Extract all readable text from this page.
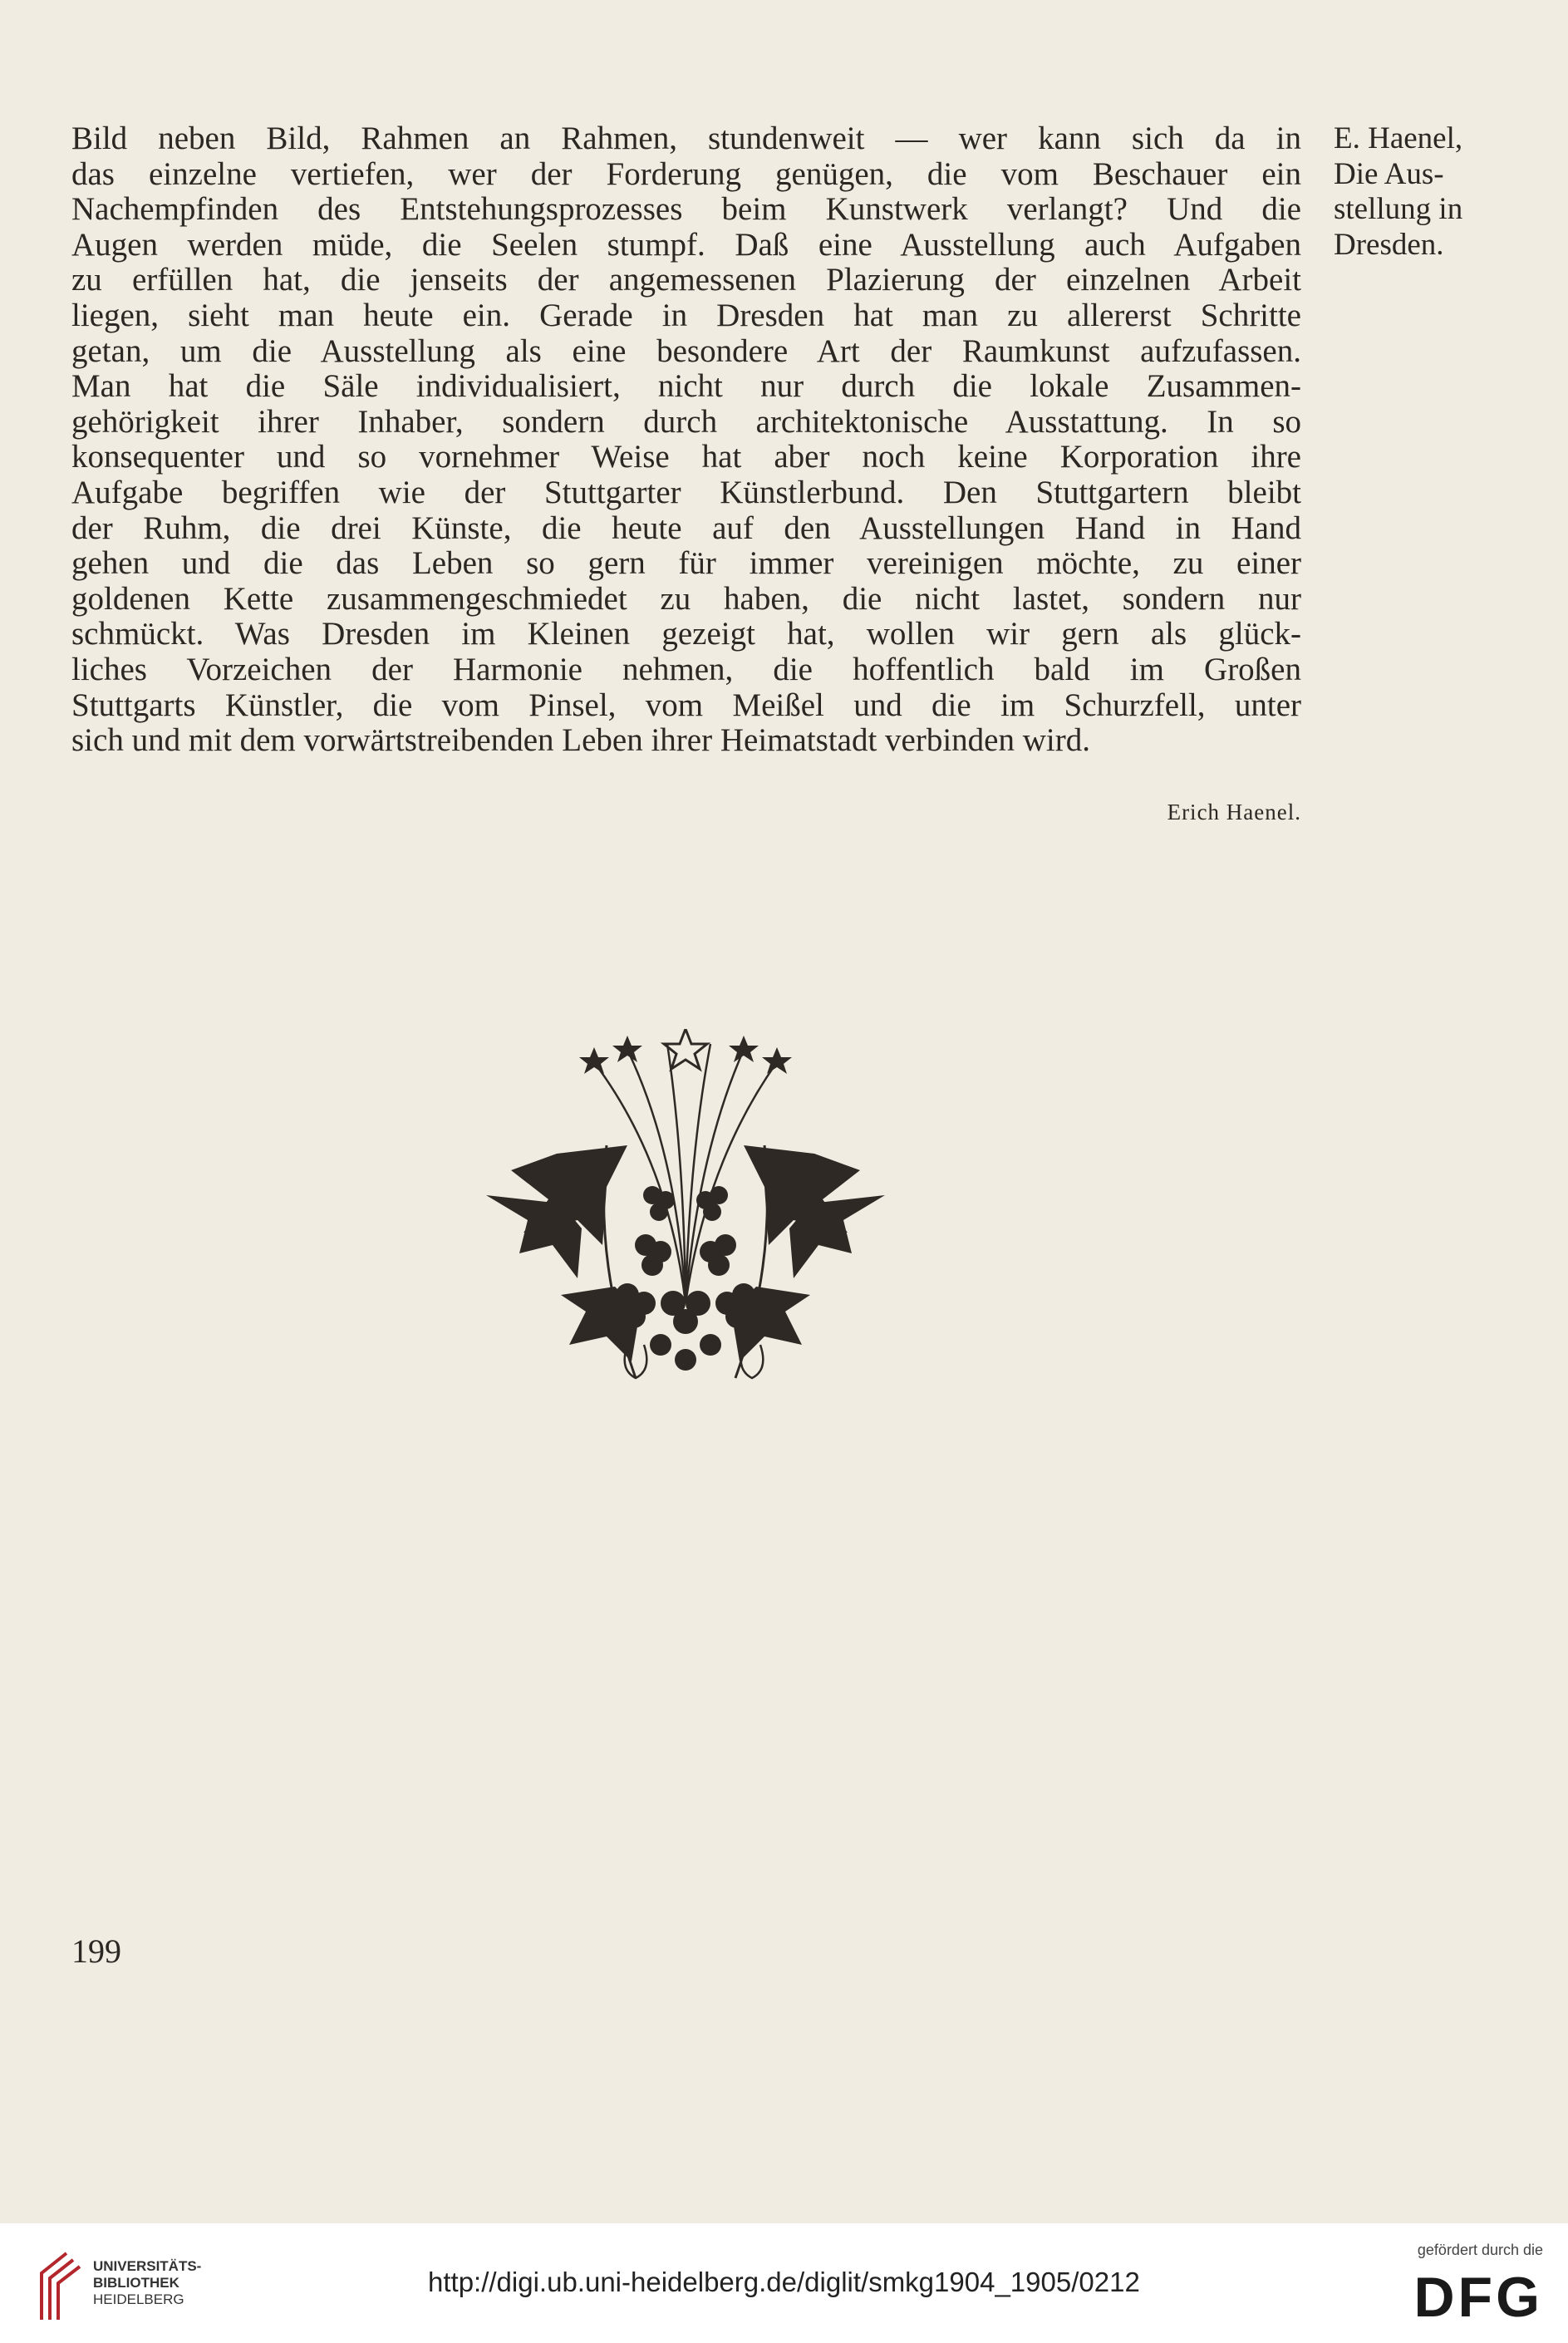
Bild neben Bild, Rahmen an Rahmen, stundenweit — wer kann sich da in
das einzelne vertiefen, wer der Forderung genügen, die vom Beschauer ein
Nachempfinden des Entstehungsprozesses beim Kunstwerk verlangt? Und die
Augen werden müde, die Seelen stumpf. Daß eine Ausstellung auch Aufgaben
zu erfüllen hat, die jenseits der angemessenen Plazierung der einzelnen Arbeit
liegen, sieht man heute ein. Gerade in Dresden hat man zu allererst Schritte
getan, um die Ausstellung als eine besondere Art der Raumkunst aufzufassen.
Man hat die Säle individualisiert, nicht nur durch die lokale Zusammen-
gehörigkeit ihrer Inhaber, sondern durch architektonische Ausstattung. In so
konsequenter und so vornehmer Weise hat aber noch keine Korporation ihre
Aufgabe begriffen wie der Stuttgarter Künstlerbund. Den Stuttgartern bleibt
der Ruhm, die drei Künste, die heute auf den Ausstellungen Hand in Hand
gehen und die das Leben so gern für immer vereinigen möchte, zu einer
goldenen Kette zusammengeschmiedet zu haben, die nicht lastet, sondern nur
schmückt. Was Dresden im Kleinen gezeigt hat, wollen wir gern als glück-
liches Vorzeichen der Harmonie nehmen, die hoffentlich bald im Großen
Stuttgarts Künstler, die vom Pinsel, vom Meißel und die im Schurzfell, unter
sich und mit dem vorwärtstreibenden Leben ihrer Heimatstadt verbinden wird.
E. Haenel,
Die Aus-
stellung in
Dresden.
Erich Haenel.
199
UNIVERSITÄTS-
BIBLIOTHEK
HEIDELBERG
http://digi.ub.uni-heidelberg.de/diglit/smkg1904_1905/0212
gefördert durch die
DFG
